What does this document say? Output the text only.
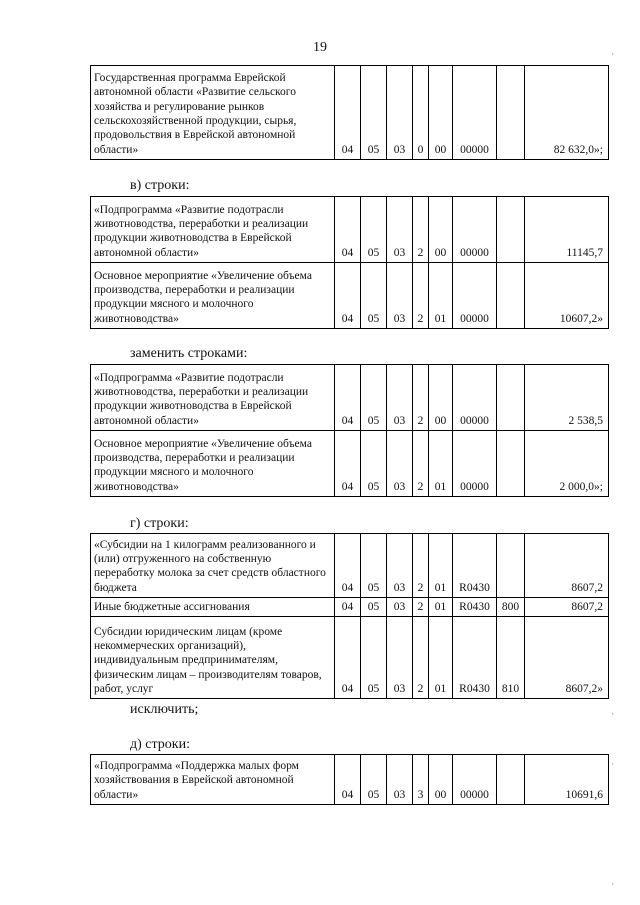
19
Государственная программа Еврейской автономной области «Развитие сельского хозяйства и регулирование рынков сельскохозяйственной продукции, сырья, продовольствия в Еврейской автономной области»	04	05	03	0	00	00000		82 632,0»;
в) строки:
«Подпрограмма «Развитие подотрасли животноводства, переработки и реализации продукции животноводства в Еврейской автономной области»	04	05	03	2	00	00000		11145,7
Основное мероприятие «Увеличение объема производства, переработки и реализации продукции мясного и молочного животноводства»	04	05	03	2	01	00000		10607,2»
заменить строками:
«Подпрограмма «Развитие подотрасли животноводства, переработки и реализации продукции животноводства в Еврейской автономной области»	04	05	03	2	00	00000		2 538,5
Основное мероприятие «Увеличение объема производства, переработки и реализации продукции мясного и молочного животноводства»	04	05	03	2	01	00000		2 000,0»;
г) строки:
«Субсидии на 1 килограмм реализованного и (или) отгруженного на собственную переработку молока за счет средств областного бюджета	04	05	03	2	01	R0430		8607,2
Иные бюджетные ассигнования	04	05	03	2	01	R0430	800	8607,2
Субсидии юридическим лицам (кроме некоммерческих организаций), индивидуальным предпринимателям, физическим лицам – производителям товаров, работ, услуг	04	05	03	2	01	R0430	810	8607,2»
исключить;
д) строки:
«Подпрограмма «Поддержка малых форм хозяйствования в Еврейской автономной области»	04	05	03	3	00	00000		10691,6
·
·
·
·
